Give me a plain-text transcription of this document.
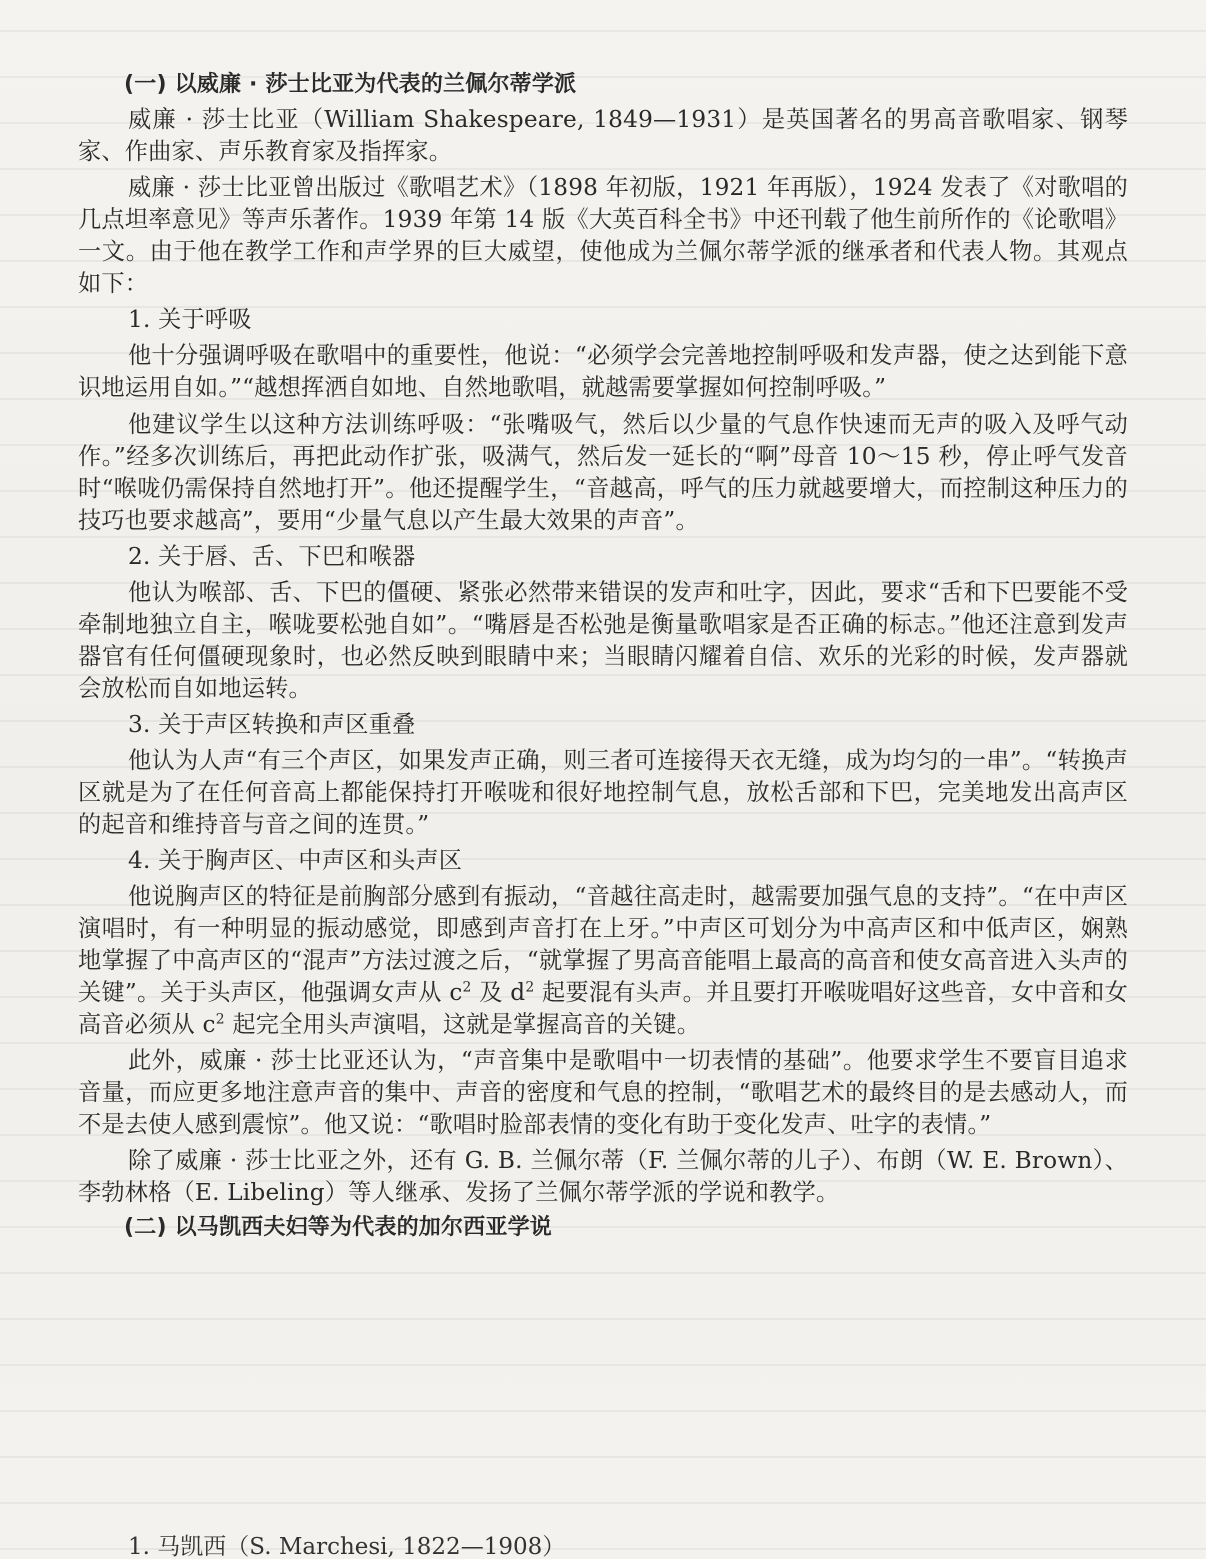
(一) 以威廉 · 莎士比亚为代表的兰佩尔蒂学派

威廉 · 莎士比亚（William Shakespeare, 1849—1931）是英国著名的男高音歌唱家、钢琴家、作曲家、声乐教育家及指挥家。

威廉 · 莎士比亚曾出版过《歌唱艺术》（1898 年初版，1921 年再版），1924 发表了《对歌唱的几点坦率意见》等声乐著作。1939 年第 14 版《大英百科全书》中还刊载了他生前所作的《论歌唱》一文。由于他在教学工作和声学界的巨大威望，使他成为兰佩尔蒂学派的继承者和代表人物。其观点如下：

1. 关于呼吸

他十分强调呼吸在歌唱中的重要性，他说：“必须学会完善地控制呼吸和发声器，使之达到能下意识地运用自如。”“越想挥洒自如地、自然地歌唱，就越需要掌握如何控制呼吸。”

他建议学生以这种方法训练呼吸：“张嘴吸气，然后以少量的气息作快速而无声的吸入及呼气动作。”经多次训练后，再把此动作扩张，吸满气，然后发一延长的“啊”母音 10～15 秒，停止呼气发音时“喉咙仍需保持自然地打开”。他还提醒学生，“音越高，呼气的压力就越要增大，而控制这种压力的技巧也要求越高”，要用“少量气息以产生最大效果的声音”。

2. 关于唇、舌、下巴和喉器

他认为喉部、舌、下巴的僵硬、紧张必然带来错误的发声和吐字，因此，要求“舌和下巴要能不受牵制地独立自主，喉咙要松弛自如”。“嘴唇是否松弛是衡量歌唱家是否正确的标志。”他还注意到发声器官有任何僵硬现象时，也必然反映到眼睛中来；当眼睛闪耀着自信、欢乐的光彩的时候，发声器就会放松而自如地运转。

3. 关于声区转换和声区重叠

他认为人声“有三个声区，如果发声正确，则三者可连接得天衣无缝，成为均匀的一串”。“转换声区就是为了在任何音高上都能保持打开喉咙和很好地控制气息，放松舌部和下巴，完美地发出高声区的起音和维持音与音之间的连贯。”

4. 关于胸声区、中声区和头声区

他说胸声区的特征是前胸部分感到有振动，“音越往高走时，越需要加强气息的支持”。“在中声区演唱时，有一种明显的振动感觉，即感到声音打在上牙。”中声区可划分为中高声区和中低声区，娴熟地掌握了中高声区的“混声”方法过渡之后，“就掌握了男高音能唱上最高的高音和使女高音进入头声的关键”。关于头声区，他强调女声从 $c^2$ 及 $d^2$ 起要混有头声。并且要打开喉咙唱好这些音，女中音和女高音必须从 $c^2$ 起完全用头声演唱，这就是掌握高音的关键。

此外，威廉 · 莎士比亚还认为，“声音集中是歌唱中一切表情的基础”。他要求学生不要盲目追求音量，而应更多地注意声音的集中、声音的密度和气息的控制，“歌唱艺术的最终目的是去感动人，而不是去使人感到震惊”。他又说：“歌唱时脸部表情的变化有助于变化发声、吐字的表情。”

除了威廉 · 莎士比亚之外，还有 G. B. 兰佩尔蒂（F. 兰佩尔蒂的儿子）、布朗（W. E. Brown）、李勃林格（E. Libeling）等人继承、发扬了兰佩尔蒂学派的学说和教学。

(二) 以马凯西夫妇等为代表的加尔西亚学说
1. 马凯西（S. Marchesi, 1822—1908）
